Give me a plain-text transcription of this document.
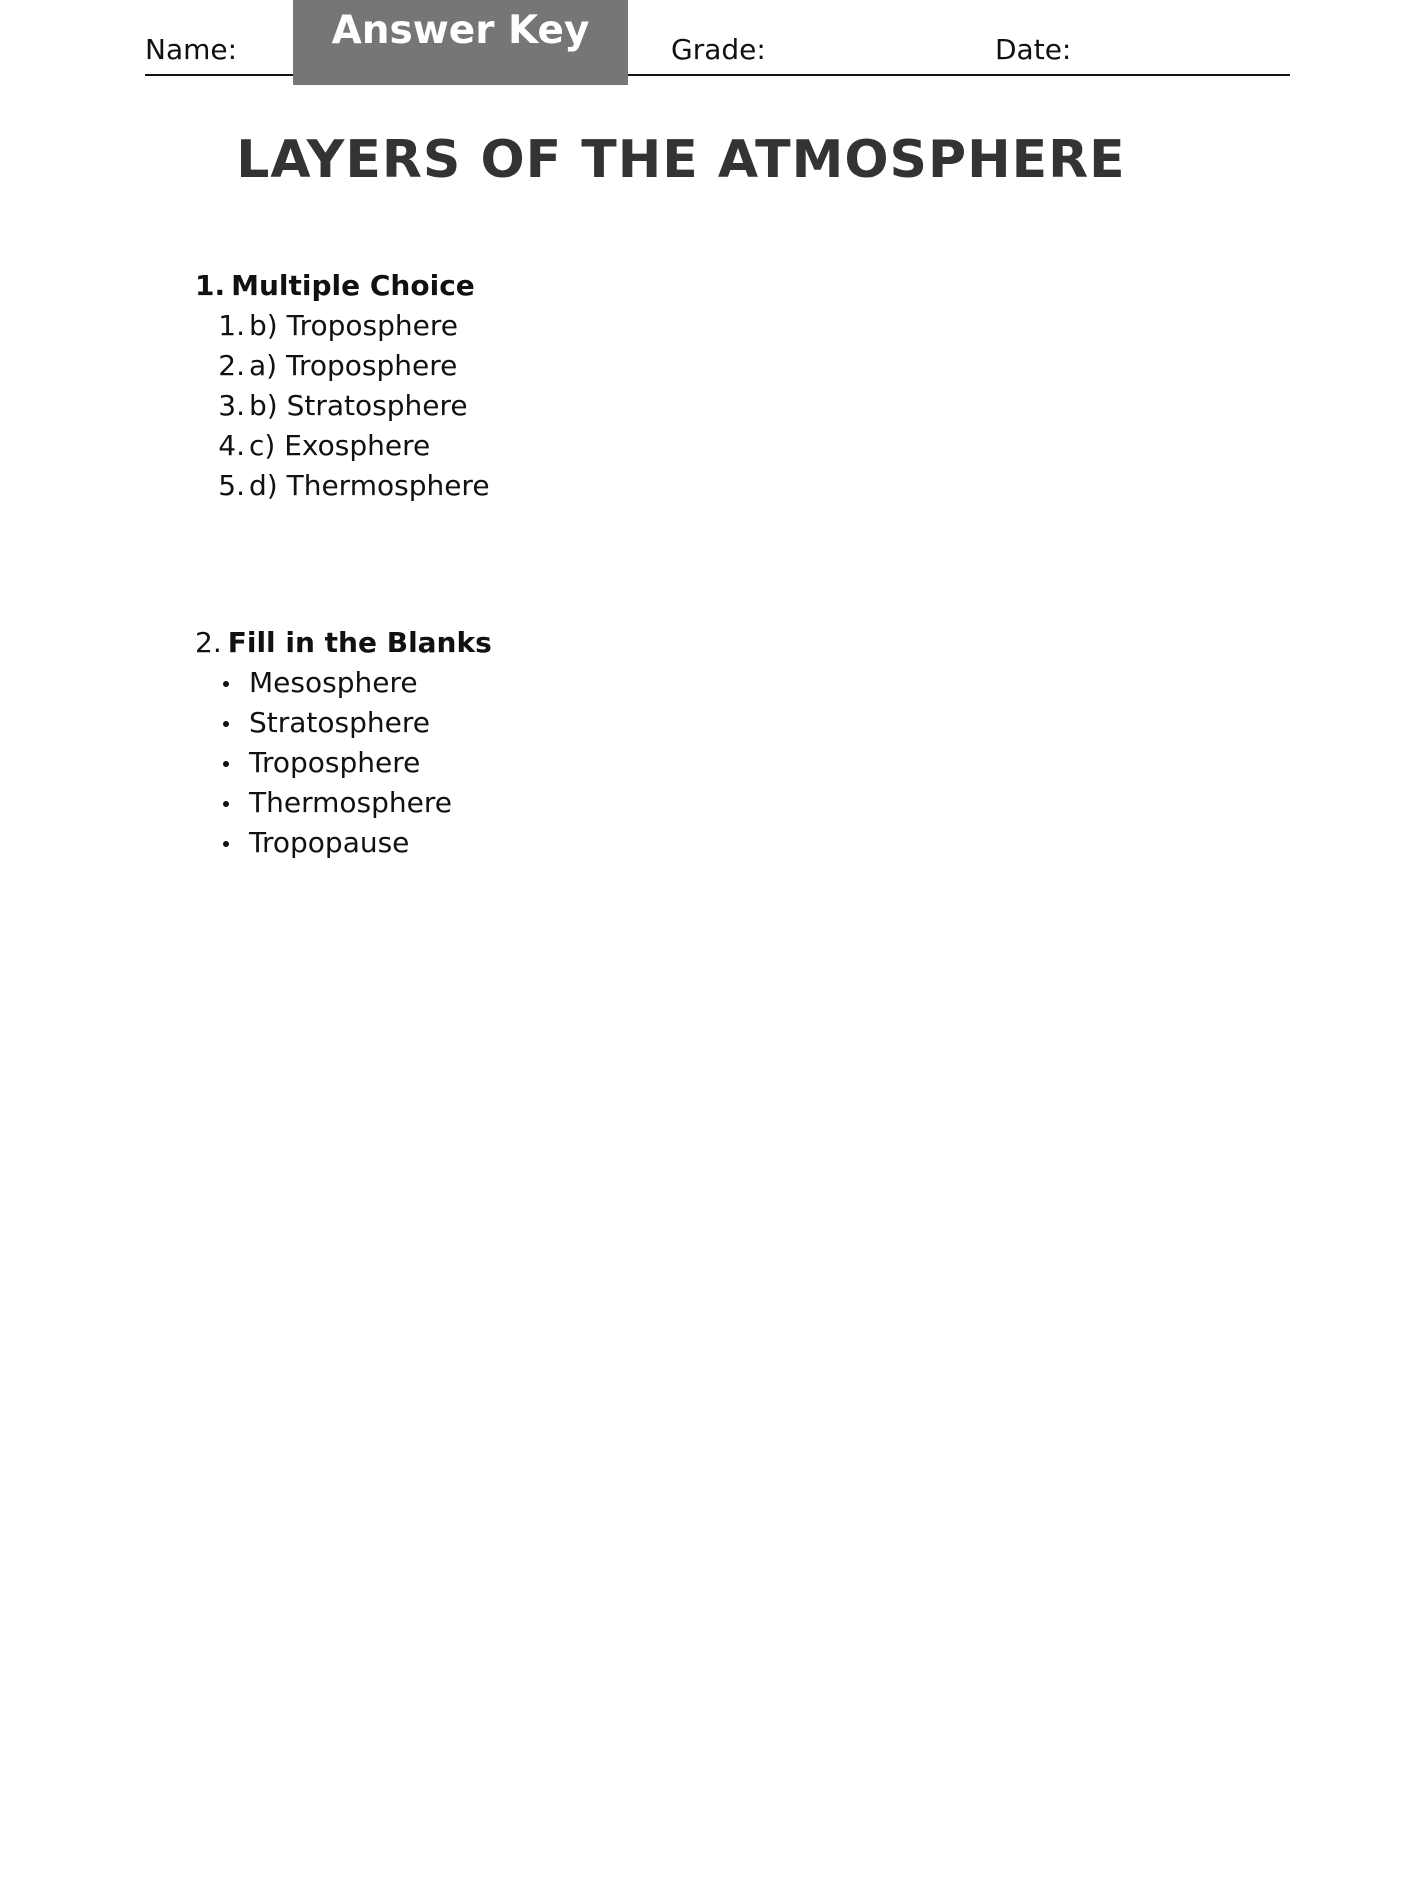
Name:	Grade:	Date:
Answer Key
LAYERS OF THE ATMOSPHERE
1. Multiple Choice
1. b) Troposphere
2. a) Troposphere
3. b) Stratosphere
4. c) Exosphere
5. d) Thermosphere
2. Fill in the Blanks
Mesosphere
Stratosphere
Troposphere
Thermosphere
Tropopause
